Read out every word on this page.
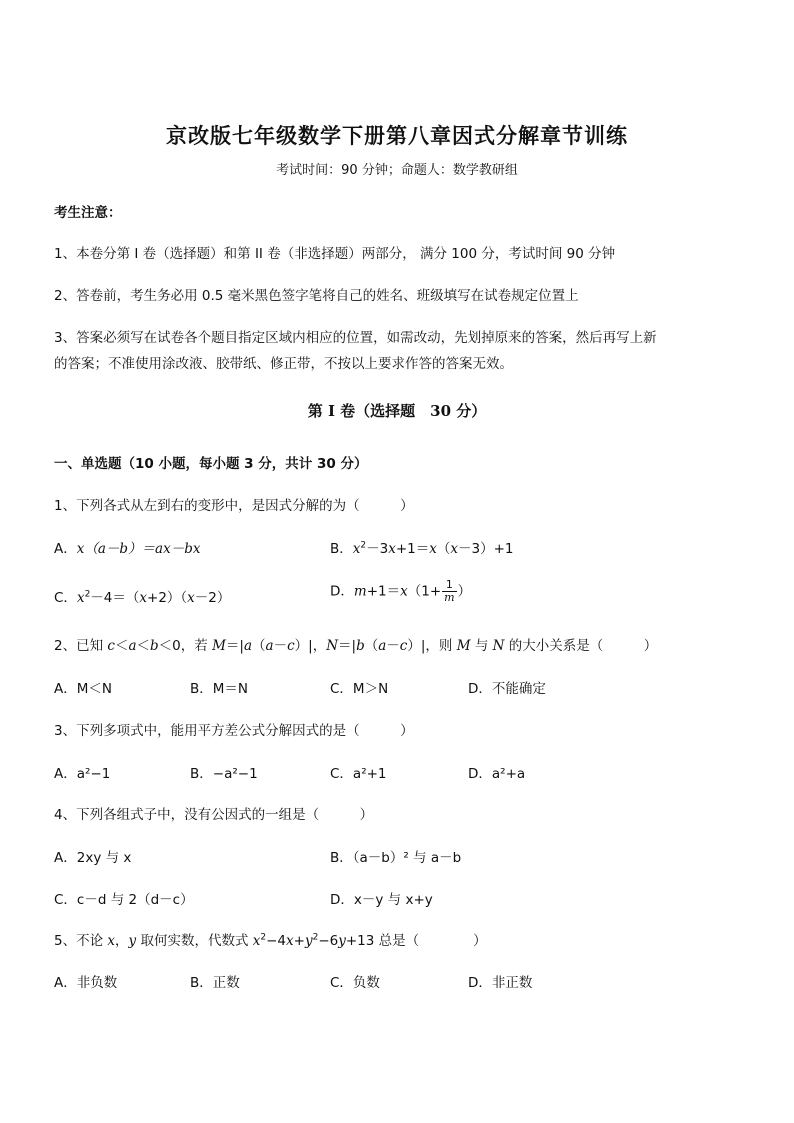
京改版七年级数学下册第八章因式分解章节训练
考试时间：90 分钟；命题人：数学教研组
考生注意：
1、本卷分第 I 卷（选择题）和第 II 卷（非选择题）两部分， 满分 100 分，考试时间 90 分钟
2、答卷前，考生务必用 0.5 毫米黑色签字笔将自己的姓名、班级填写在试卷规定位置上
3、答案必须写在试卷各个题目指定区域内相应的位置，如需改动，先划掉原来的答案，然后再写上新
的答案；不准使用涂改液、胶带纸、修正带，不按以上要求作答的答案无效。
第 I 卷（选择题　30 分）
一、单选题（10 小题，每小题 3 分，共计 30 分）
1、下列各式从左到右的变形中，是因式分解的为（　　　）
A．x（a－b）＝ax－bx	B．$x^2-3x+1=x(x-3)+1$
C．$x^2-4=(x+2)(x-2)$	D．$m+1=x(1+ \frac{1}{m}$ ）
2、已知 c＜a＜b＜0，若 M＝|a（a－c）|，N＝|b（a－c）|，则 M 与 N 的大小关系是（　　　）
A．M＜N	B．M＝N	C．M＞N	D．不能确定
3、下列多项式中，能用平方差公式分解因式的是（　　　）
A．a²−1	B．−a²−1	C．a²+1	D．a²+a
4、下列各组式子中，没有公因式的一组是（　　　）
A．2xy 与 x	B．（a－b）² 与 a－b
C．c－d 与 2（d－c）	D．x－y 与 x+y
5、不论 x，y 取何实数，代数式 $x^2-4x+y^2-6y+13$ 总是（　　　　）
A．非负数	B．正数	C．负数	D．非正数
